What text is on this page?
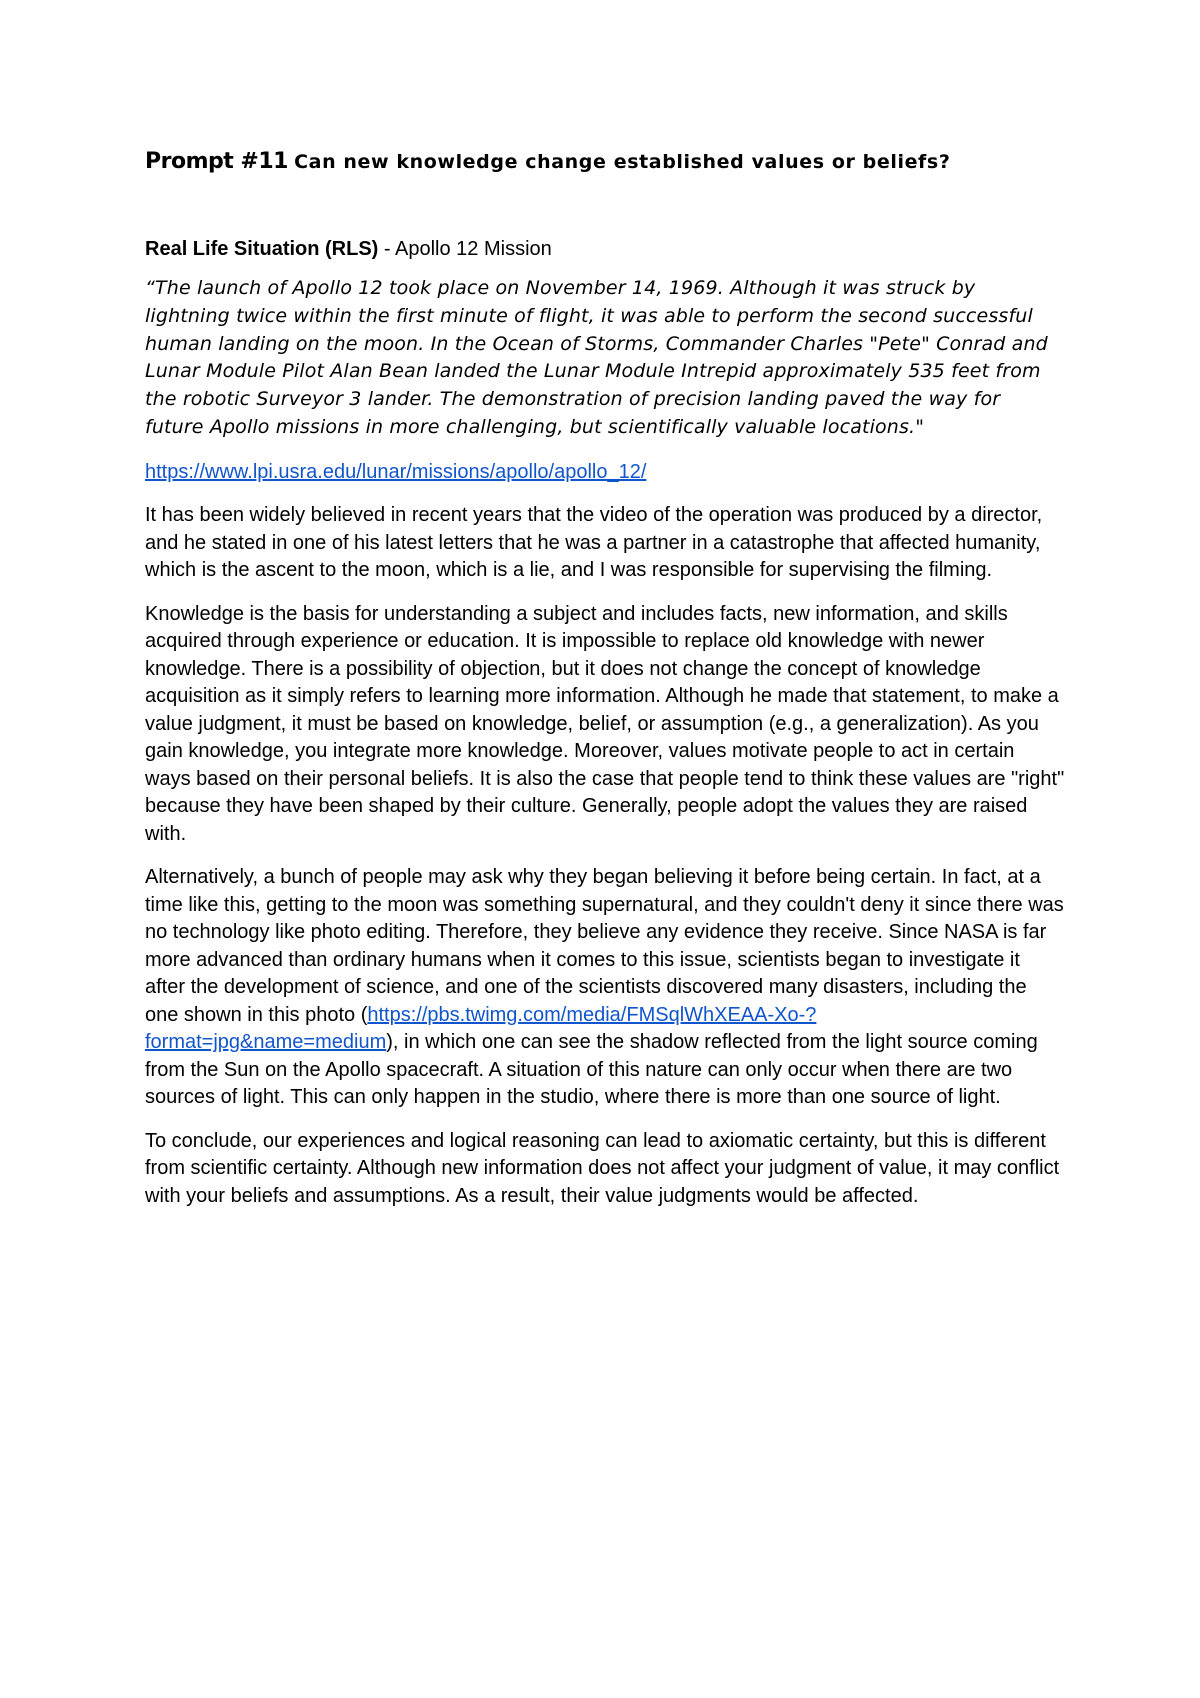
Prompt #11 Can new knowledge change established values or beliefs?

Real Life Situation (RLS) - Apollo 12 Mission

“The launch of Apollo 12 took place on November 14, 1969. Although it was struck by lightning twice within the first minute of flight, it was able to perform the second successful human landing on the moon. In the Ocean of Storms, Commander Charles "Pete" Conrad and Lunar Module Pilot Alan Bean landed the Lunar Module Intrepid approximately 535 feet from the robotic Surveyor 3 lander. The demonstration of precision landing paved the way for future Apollo missions in more challenging, but scientifically valuable locations."

https://www.lpi.usra.edu/lunar/missions/apollo/apollo_12/

It has been widely believed in recent years that the video of the operation was produced by a director, and he stated in one of his latest letters that he was a partner in a catastrophe that affected humanity, which is the ascent to the moon, which is a lie, and I was responsible for supervising the filming.

Knowledge is the basis for understanding a subject and includes facts, new information, and skills acquired through experience or education. It is impossible to replace old knowledge with newer knowledge. There is a possibility of objection, but it does not change the concept of knowledge acquisition as it simply refers to learning more information. Although he made that statement, to make a value judgment, it must be based on knowledge, belief, or assumption (e.g., a generalization). As you gain knowledge, you integrate more knowledge. Moreover, values motivate people to act in certain ways based on their personal beliefs. It is also the case that people tend to think these values are "right" because they have been shaped by their culture. Generally, people adopt the values they are raised with.

Alternatively, a bunch of people may ask why they began believing it before being certain. In fact, at a time like this, getting to the moon was something supernatural, and they couldn't deny it since there was no technology like photo editing. Therefore, they believe any evidence they receive. Since NASA is far more advanced than ordinary humans when it comes to this issue, scientists began to investigate it after the development of science, and one of the scientists discovered many disasters, including the one shown in this photo (https://pbs.twimg.com/media/FMSqlWhXEAA-Xo-?format=jpg&name=medium), in which one can see the shadow reflected from the light source coming from the Sun on the Apollo spacecraft. A situation of this nature can only occur when there are two sources of light. This can only happen in the studio, where there is more than one source of light.

To conclude, our experiences and logical reasoning can lead to axiomatic certainty, but this is different from scientific certainty. Although new information does not affect your judgment of value, it may conflict with your beliefs and assumptions. As a result, their value judgments would be affected.
